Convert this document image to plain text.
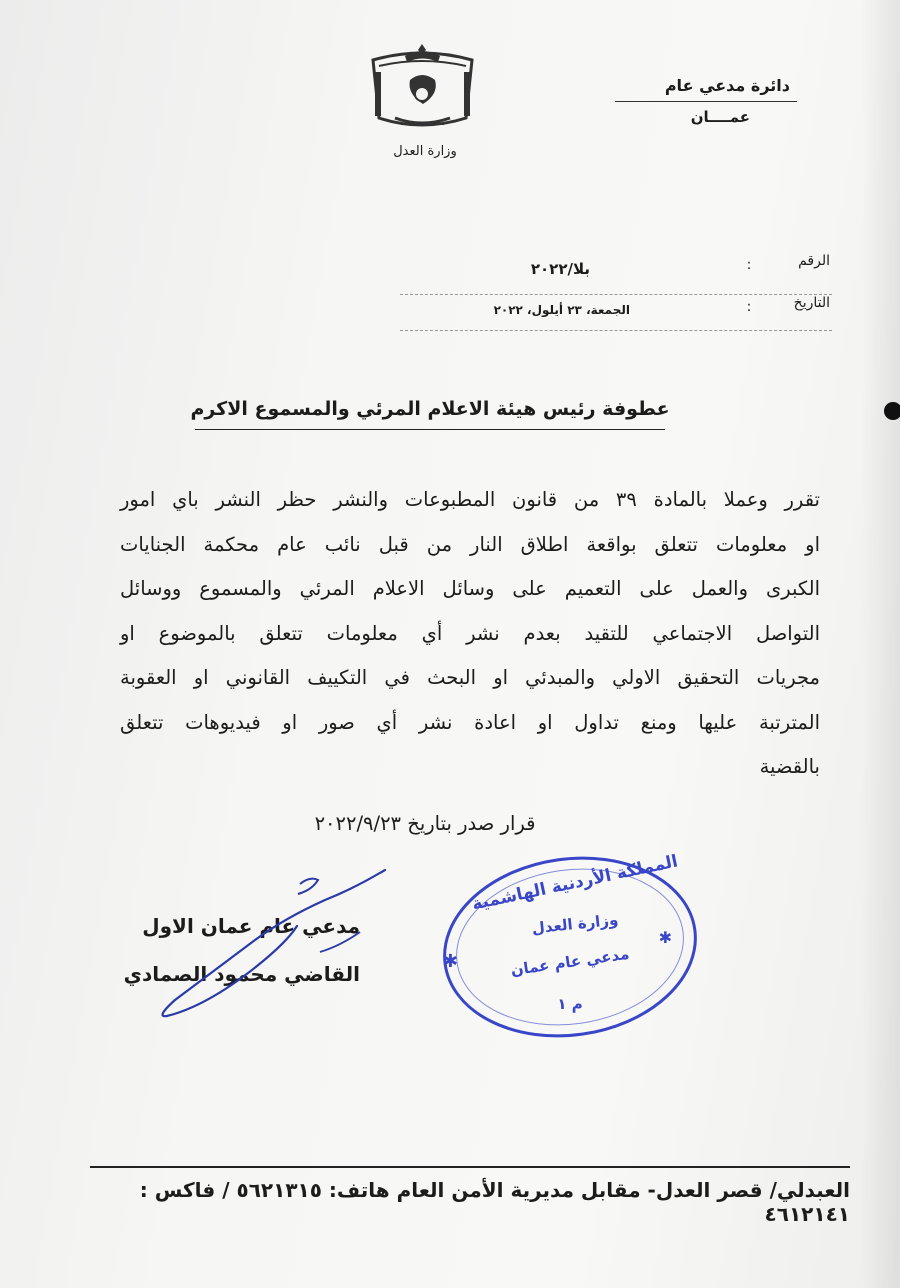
وزارة العدل
دائرة مدعي عام
عمــــان
الرقم
:
بلا/٢٠٢٢
التاريخ
:
الجمعة، ٢٣ أيلول، ٢٠٢٢
عطوفة رئيس هيئة الاعلام المرئي والمسموع الاكرم
تقرر وعملا بالمادة ٣٩ من قانون المطبوعات والنشر حظر النشر باي امور
او معلومات تتعلق بواقعة اطلاق النار من قبل نائب عام محكمة الجنايات
الكبرى والعمل على التعميم على وسائل الاعلام المرئي والمسموع ووسائل
التواصل الاجتماعي للتقيد بعدم نشر أي معلومات تتعلق بالموضوع او
مجريات التحقيق الاولي والمبدئي او البحث في التكييف القانوني او العقوبة
المترتبة عليها ومنع تداول او اعادة نشر أي صور او فيديوهات تتعلق
بالقضية
قرار صدر بتاريخ ٢٠٢٢/٩/٢٣
✱
✱
المملكة الأردنية الهاشمية
وزارة العدل
مدعي عام عمان
م ١
مدعي عام عمان الاول
القاضي محمود الصمادي
العبدلي/ قصر العدل- مقابل مديرية الأمن العام هاتف: ٥٦٢١٣١٥ / فاكس : ٤٦١٢١٤١
